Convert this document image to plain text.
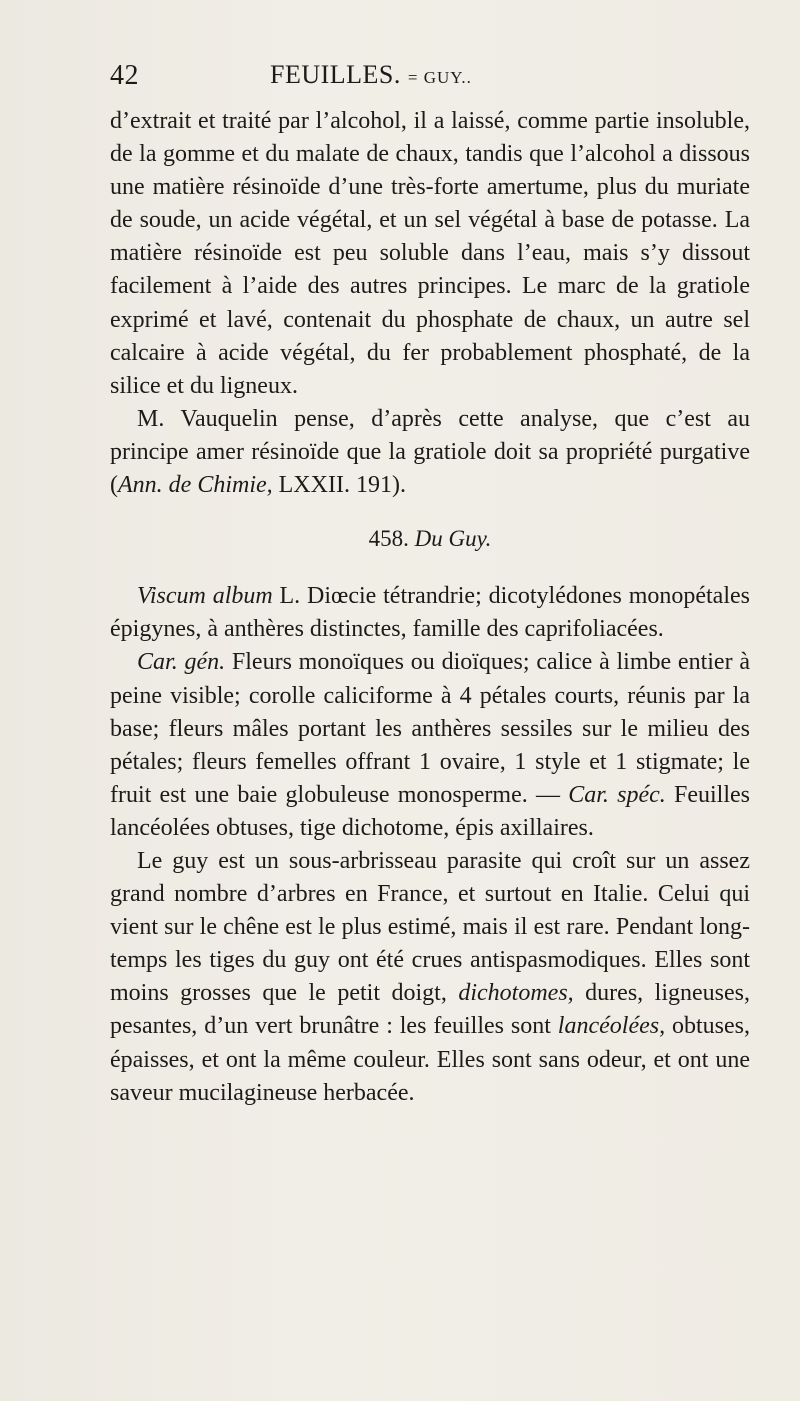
42	FEUILLES. = GUY..

d’extrait et traité par l’alcohol, il a laissé, comme partie insoluble, de la gomme et du malate de chaux, tandis que l’alcohol a dissous une matière résinoïde d’une très-forte amertume, plus du muriate de soude, un acide végétal, et un sel végétal à base de potasse. La matière résinoïde est peu soluble dans l’eau, mais s’y dissout facilement à l’aide des autres principes. Le marc de la gratiole exprimé et lavé, contenait du phosphate de chaux, un autre sel calcaire à acide végétal, du fer probablement phosphaté, de la silice et du ligneux.

M. Vauquelin pense, d’après cette analyse, que c’est au principe amer résinoïde que la gratiole doit sa propriété purgative (Ann. de Chimie, LXXII. 191).

458. Du Guy.

Viscum album L. Diœcie tétrandrie; dicotylédones monopétales épigynes, à anthères distinctes, famille des caprifoliacées.

Car. gén. Fleurs monoïques ou dioïques; calice à limbe entier à peine visible; corolle caliciforme à 4 pétales courts, réunis par la base; fleurs mâles portant les anthères sessiles sur le milieu des pétales; fleurs femelles offrant 1 ovaire, 1 style et 1 stigmate; le fruit est une baie globuleuse monosperme. — Car. spéc. Feuilles lancéolées obtuses, tige dichotome, épis axillaires.

Le guy est un sous-arbrisseau parasite qui croît sur un assez grand nombre d’arbres en France, et surtout en Italie. Celui qui vient sur le chêne est le plus estimé, mais il est rare. Pendant long-temps les tiges du guy ont été crues antispasmodiques. Elles sont moins grosses que le petit doigt, dichotomes, dures, ligneuses, pesantes, d’un vert brunâtre : les feuilles sont lancéolées, obtuses, épaisses, et ont la même couleur. Elles sont sans odeur, et ont une saveur mucilagineuse herbacée.
